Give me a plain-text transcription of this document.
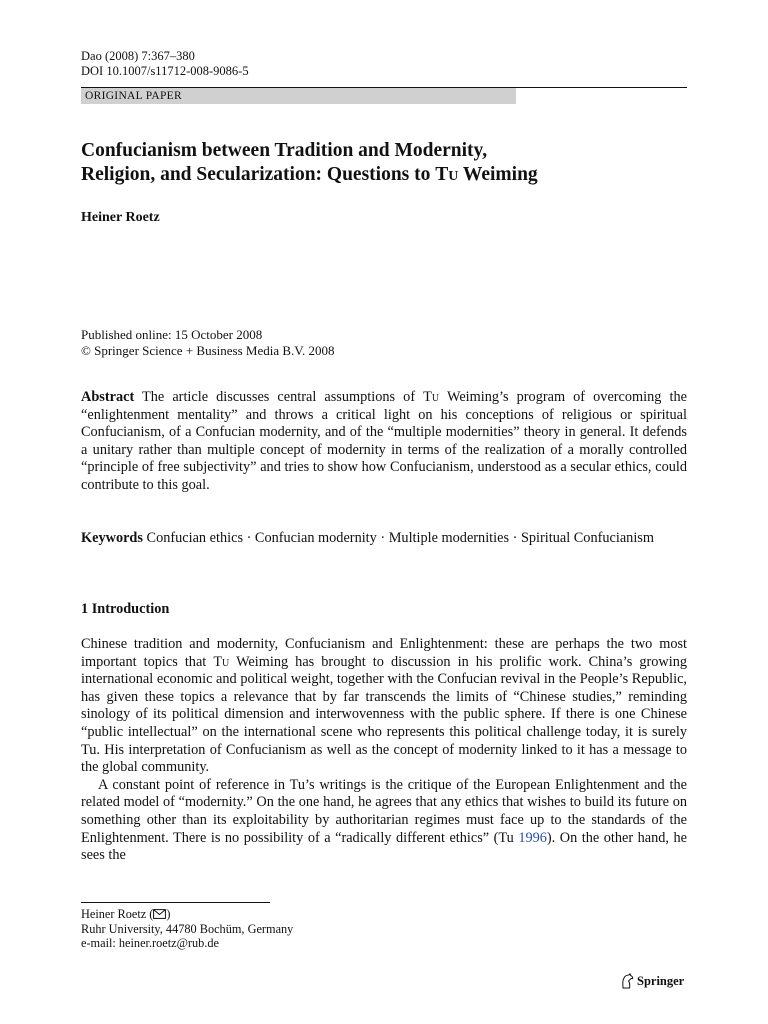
Dao (2008) 7:367–380
DOI 10.1007/s11712-008-9086-5
ORIGINAL PAPER
Confucianism between Tradition and Modernity,
Religion, and Secularization: Questions to Tu Weiming
Heiner Roetz
Published online: 15 October 2008
© Springer Science + Business Media B.V. 2008
Abstract The article discusses central assumptions of Tu Weiming’s program of overcoming the “enlightenment mentality” and throws a critical light on his conceptions of religious or spiritual Confucianism, of a Confucian modernity, and of the “multiple modernities” theory in general. It defends a unitary rather than multiple concept of modernity in terms of the realization of a morally controlled “principle of free subjectivity” and tries to show how Confucianism, understood as a secular ethics, could contribute to this goal.
Keywords Confucian ethics · Confucian modernity · Multiple modernities · Spiritual Confucianism
1 Introduction

Chinese tradition and modernity, Confucianism and Enlightenment: these are perhaps the two most important topics that Tu Weiming has brought to discussion in his prolific work. China’s growing international economic and political weight, together with the Confucian revival in the People’s Republic, has given these topics a relevance that by far transcends the limits of “Chinese studies,” reminding sinology of its political dimension and interwovenness with the public sphere. If there is one Chinese “public intellectual” on the international scene who represents this political challenge today, it is surely Tu. His interpretation of Confucianism as well as the concept of modernity linked to it has a message to the global community.

A constant point of reference in Tu’s writings is the critique of the European Enlightenment and the related model of “modernity.” On the one hand, he agrees that any ethics that wishes to build its future on something other than its exploitability by authoritarian regimes must face up to the standards of the Enlightenment. There is no possibility of a “radically different ethics” (Tu 1996). On the other hand, he sees the

Heiner Roetz ( )
Ruhr University, 44780 Bochüm, Germany
e-mail: heiner.roetz@rub.de
Springer
